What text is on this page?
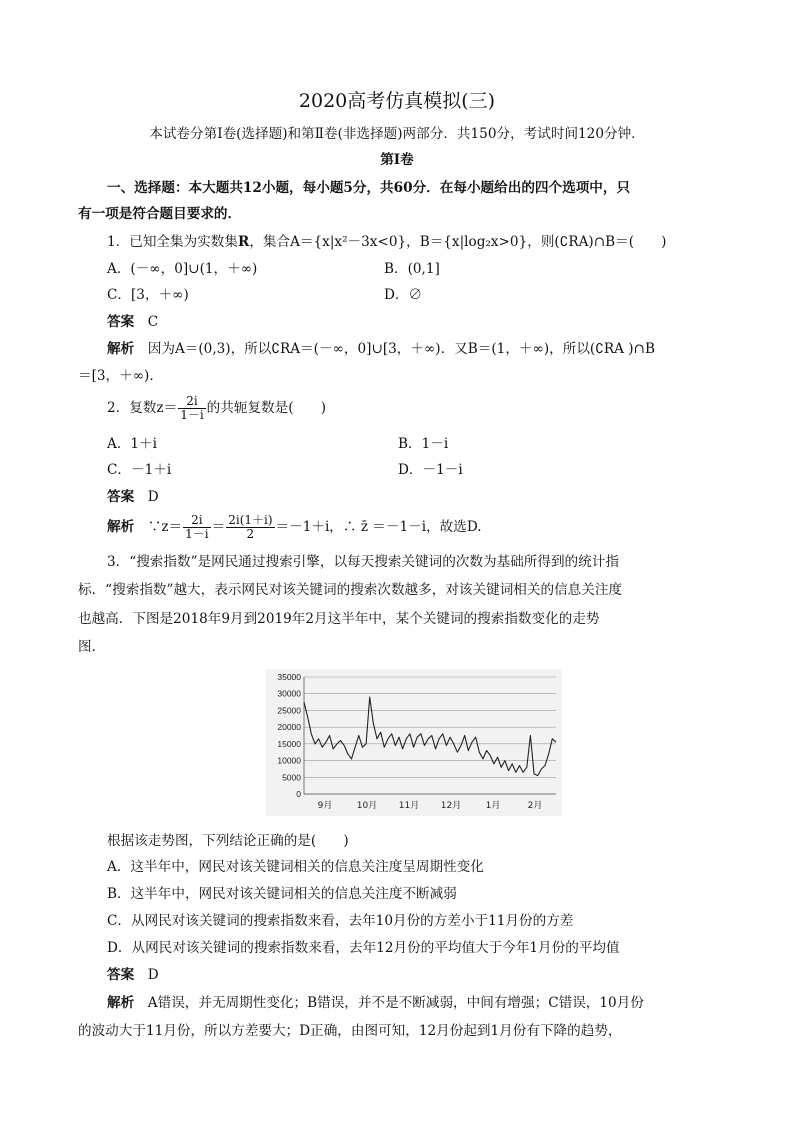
2020高考仿真模拟(三)
本试卷分第Ⅰ卷(选择题)和第Ⅱ卷(非选择题)两部分．共150分，考试时间120分钟．
第Ⅰ卷
一、选择题：本大题共12小题，每小题5分，共60分．在每小题给出的四个选项中，只
有一项是符合题目要求的．
1．已知全集为实数集R，集合A＝{x|x²－3x<0}，B＝{x|log₂x>0}，则(∁RA)∩B＝(　　)
A．(－∞，0]∪(1，＋∞)	B．(0,1]
C．[3，＋∞)	D．∅
答案　 C
解析　 因为A＝(0,3)，所以∁RA＝(－∞，0]∪[3，＋∞)．又B＝(1，＋∞)，所以(∁RA )∩B
＝[3，＋∞)．
2．复数$z= \frac{2i}{1-i}$ 的共轭复数是(　　)
A．1＋i	B．1－i
C．－1＋i	D．－1－i
答案　 D
解析　 ∵z＝ $\frac{2i}{1-i} = \frac{2i(1+i)}{2} =-1+i$，∴ z̄ ＝－1－i，故选D.
3．“搜索指数”是网民通过搜索引擎，以每天搜索关键词的次数为基础所得到的统计指
标．“搜索指数”越大，表示网民对该关键词的搜索次数越多，对该关键词相关的信息关注度
也越高．下图是2018年9月到2019年2月这半年中，某个关键词的搜索指数变化的走势
图．
35000
30000
25000
20000
15000
10000
5000
0
9月	10月 11月 12月	1月	2月
根据该走势图，下列结论正确的是(　　)
A．这半年中，网民对该关键词相关的信息关注度呈周期性变化
B．这半年中，网民对该关键词相关的信息关注度不断减弱
C．从网民对该关键词的搜索指数来看，去年10月份的方差小于11月份的方差
D．从网民对该关键词的搜索指数来看，去年12月份的平均值大于今年1月份的平均值
答案　 D
解析　 A错误，并无周期性变化；B错误，并不是不断减弱，中间有增强；C错误，10月份
的波动大于11月份，所以方差要大；D正确，由图可知，12月份起到1月份有下降的趋势，
